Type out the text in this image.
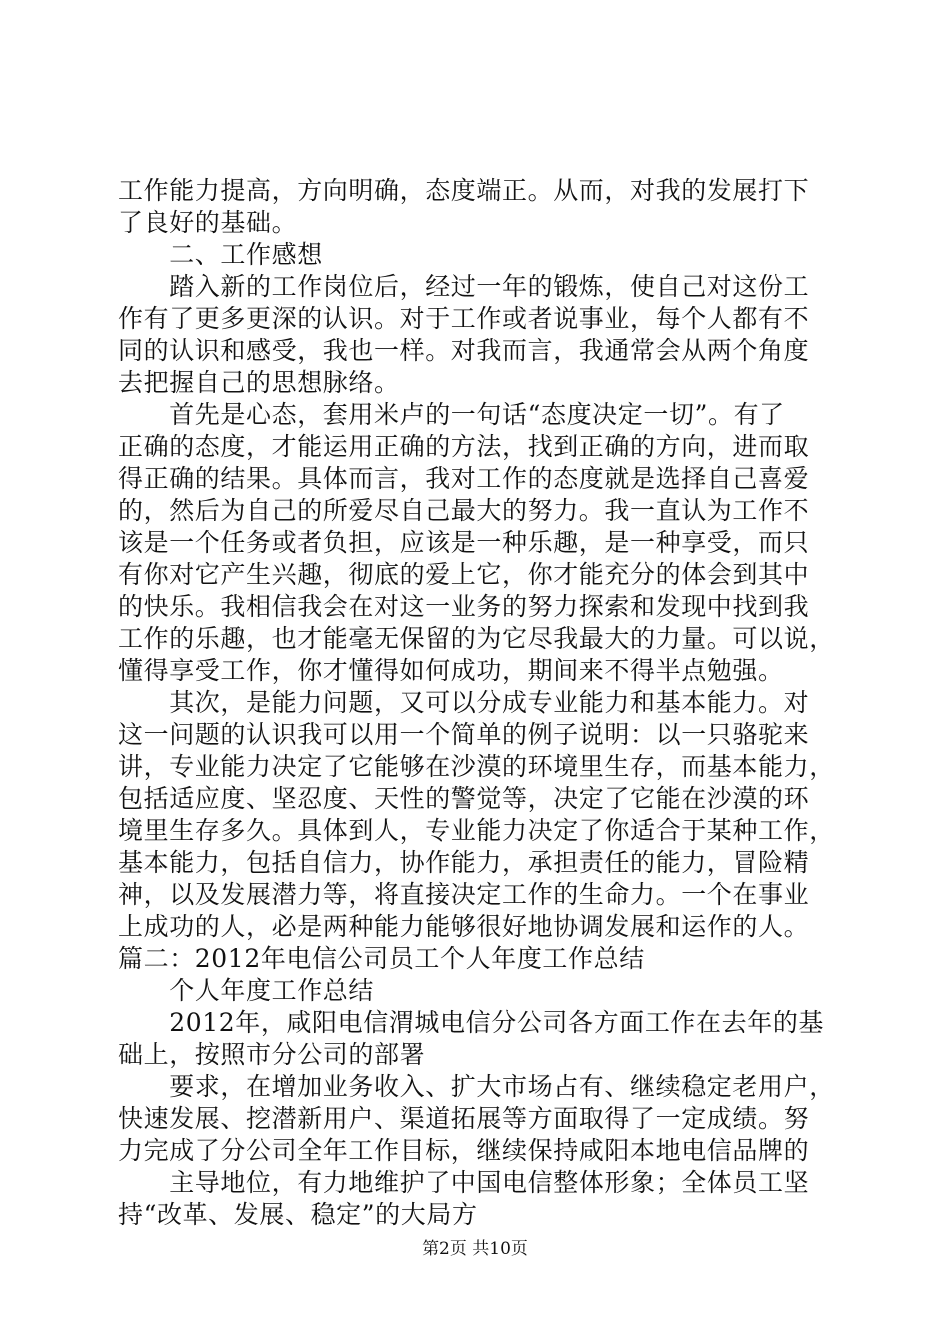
工作能力提高，方向明确，态度端正。从而，对我的发展打下
了良好的基础。
　　二、工作感想
　　踏入新的工作岗位后，经过一年的锻炼，使自己对这份工
作有了更多更深的认识。对于工作或者说事业，每个人都有不
同的认识和感受，我也一样。对我而言，我通常会从两个角度
去把握自己的思想脉络。
　　首先是心态，套用米卢的一句话“态度决定一切”。有了
正确的态度，才能运用正确的方法，找到正确的方向，进而取
得正确的结果。具体而言，我对工作的态度就是选择自己喜爱
的，然后为自己的所爱尽自己最大的努力。我一直认为工作不
该是一个任务或者负担，应该是一种乐趣，是一种享受，而只
有你对它产生兴趣，彻底的爱上它，你才能充分的体会到其中
的快乐。我相信我会在对这一业务的努力探索和发现中找到我
工作的乐趣，也才能毫无保留的为它尽我最大的力量。可以说，
懂得享受工作，你才懂得如何成功，期间来不得半点勉强。
　　其次，是能力问题，又可以分成专业能力和基本能力。对
这一问题的认识我可以用一个简单的例子说明：以一只骆驼来
讲，专业能力决定了它能够在沙漠的环境里生存，而基本能力，
包括适应度、坚忍度、天性的警觉等，决定了它能在沙漠的环
境里生存多久。具体到人，专业能力决定了你适合于某种工作，
基本能力，包括自信力，协作能力，承担责任的能力，冒险精
神，以及发展潜力等，将直接决定工作的生命力。一个在事业
上成功的人，必是两种能力能够很好地协调发展和运作的人。
篇二：2012年电信公司员工个人年度工作总结
　　个人年度工作总结
　　2012年，咸阳电信渭城电信分公司各方面工作在去年的基
础上，按照市分公司的部署
　　要求，在增加业务收入、扩大市场占有、继续稳定老用户，
快速发展、挖潜新用户、渠道拓展等方面取得了一定成绩。努
力完成了分公司全年工作目标，继续保持咸阳本地电信品牌的
　　主导地位，有力地维护了中国电信整体形象；全体员工坚
持“改革、发展、稳定”的大局方
第2页 共10页
